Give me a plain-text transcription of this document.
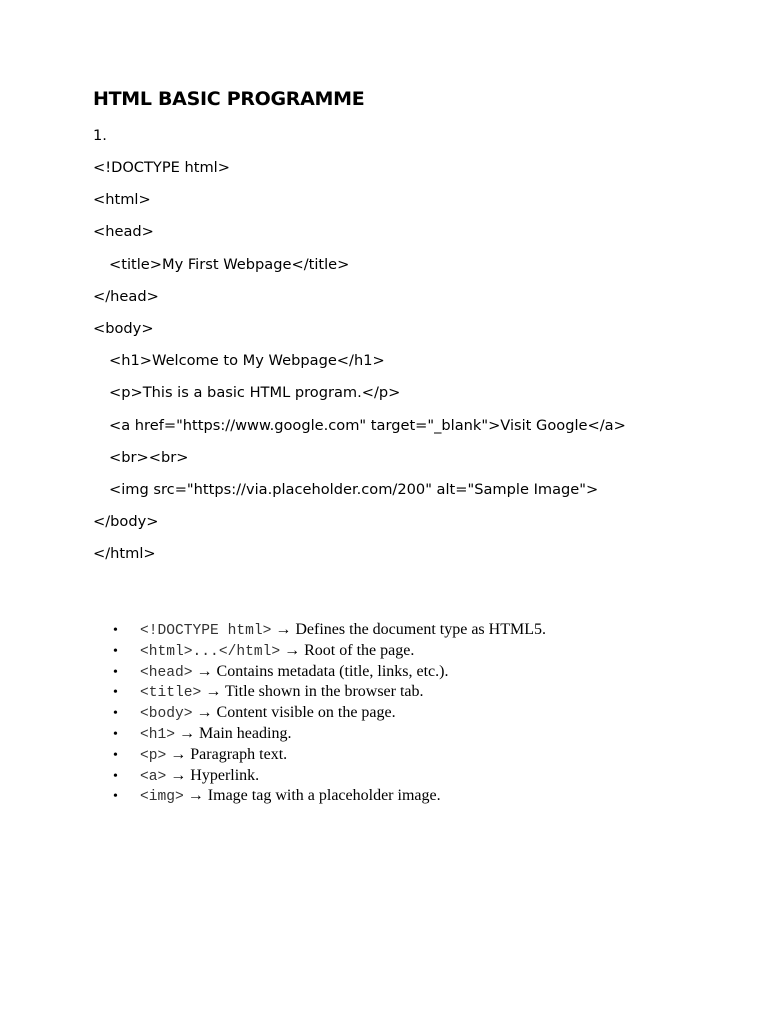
HTML BASIC PROGRAMME
1.
<!DOCTYPE html>
<html>
<head>
<title>My First Webpage</title>
</head>
<body>
<h1>Welcome to My Webpage</h1>
<p>This is a basic HTML program.</p>
<a href="https://www.google.com" target="_blank">Visit Google</a>
<br><br>
<img src="https://via.placeholder.com/200" alt="Sample Image">
</body>
</html>
• <!DOCTYPE html> → Defines the document type as HTML5.
• <html>...</html> → Root of the page.
• <head> → Contains metadata (title, links, etc.).
• <title> → Title shown in the browser tab.
• <body> → Content visible on the page.
• <h1> → Main heading.
• <p> → Paragraph text.
• <a> → Hyperlink.
• <img> → Image tag with a placeholder image.
